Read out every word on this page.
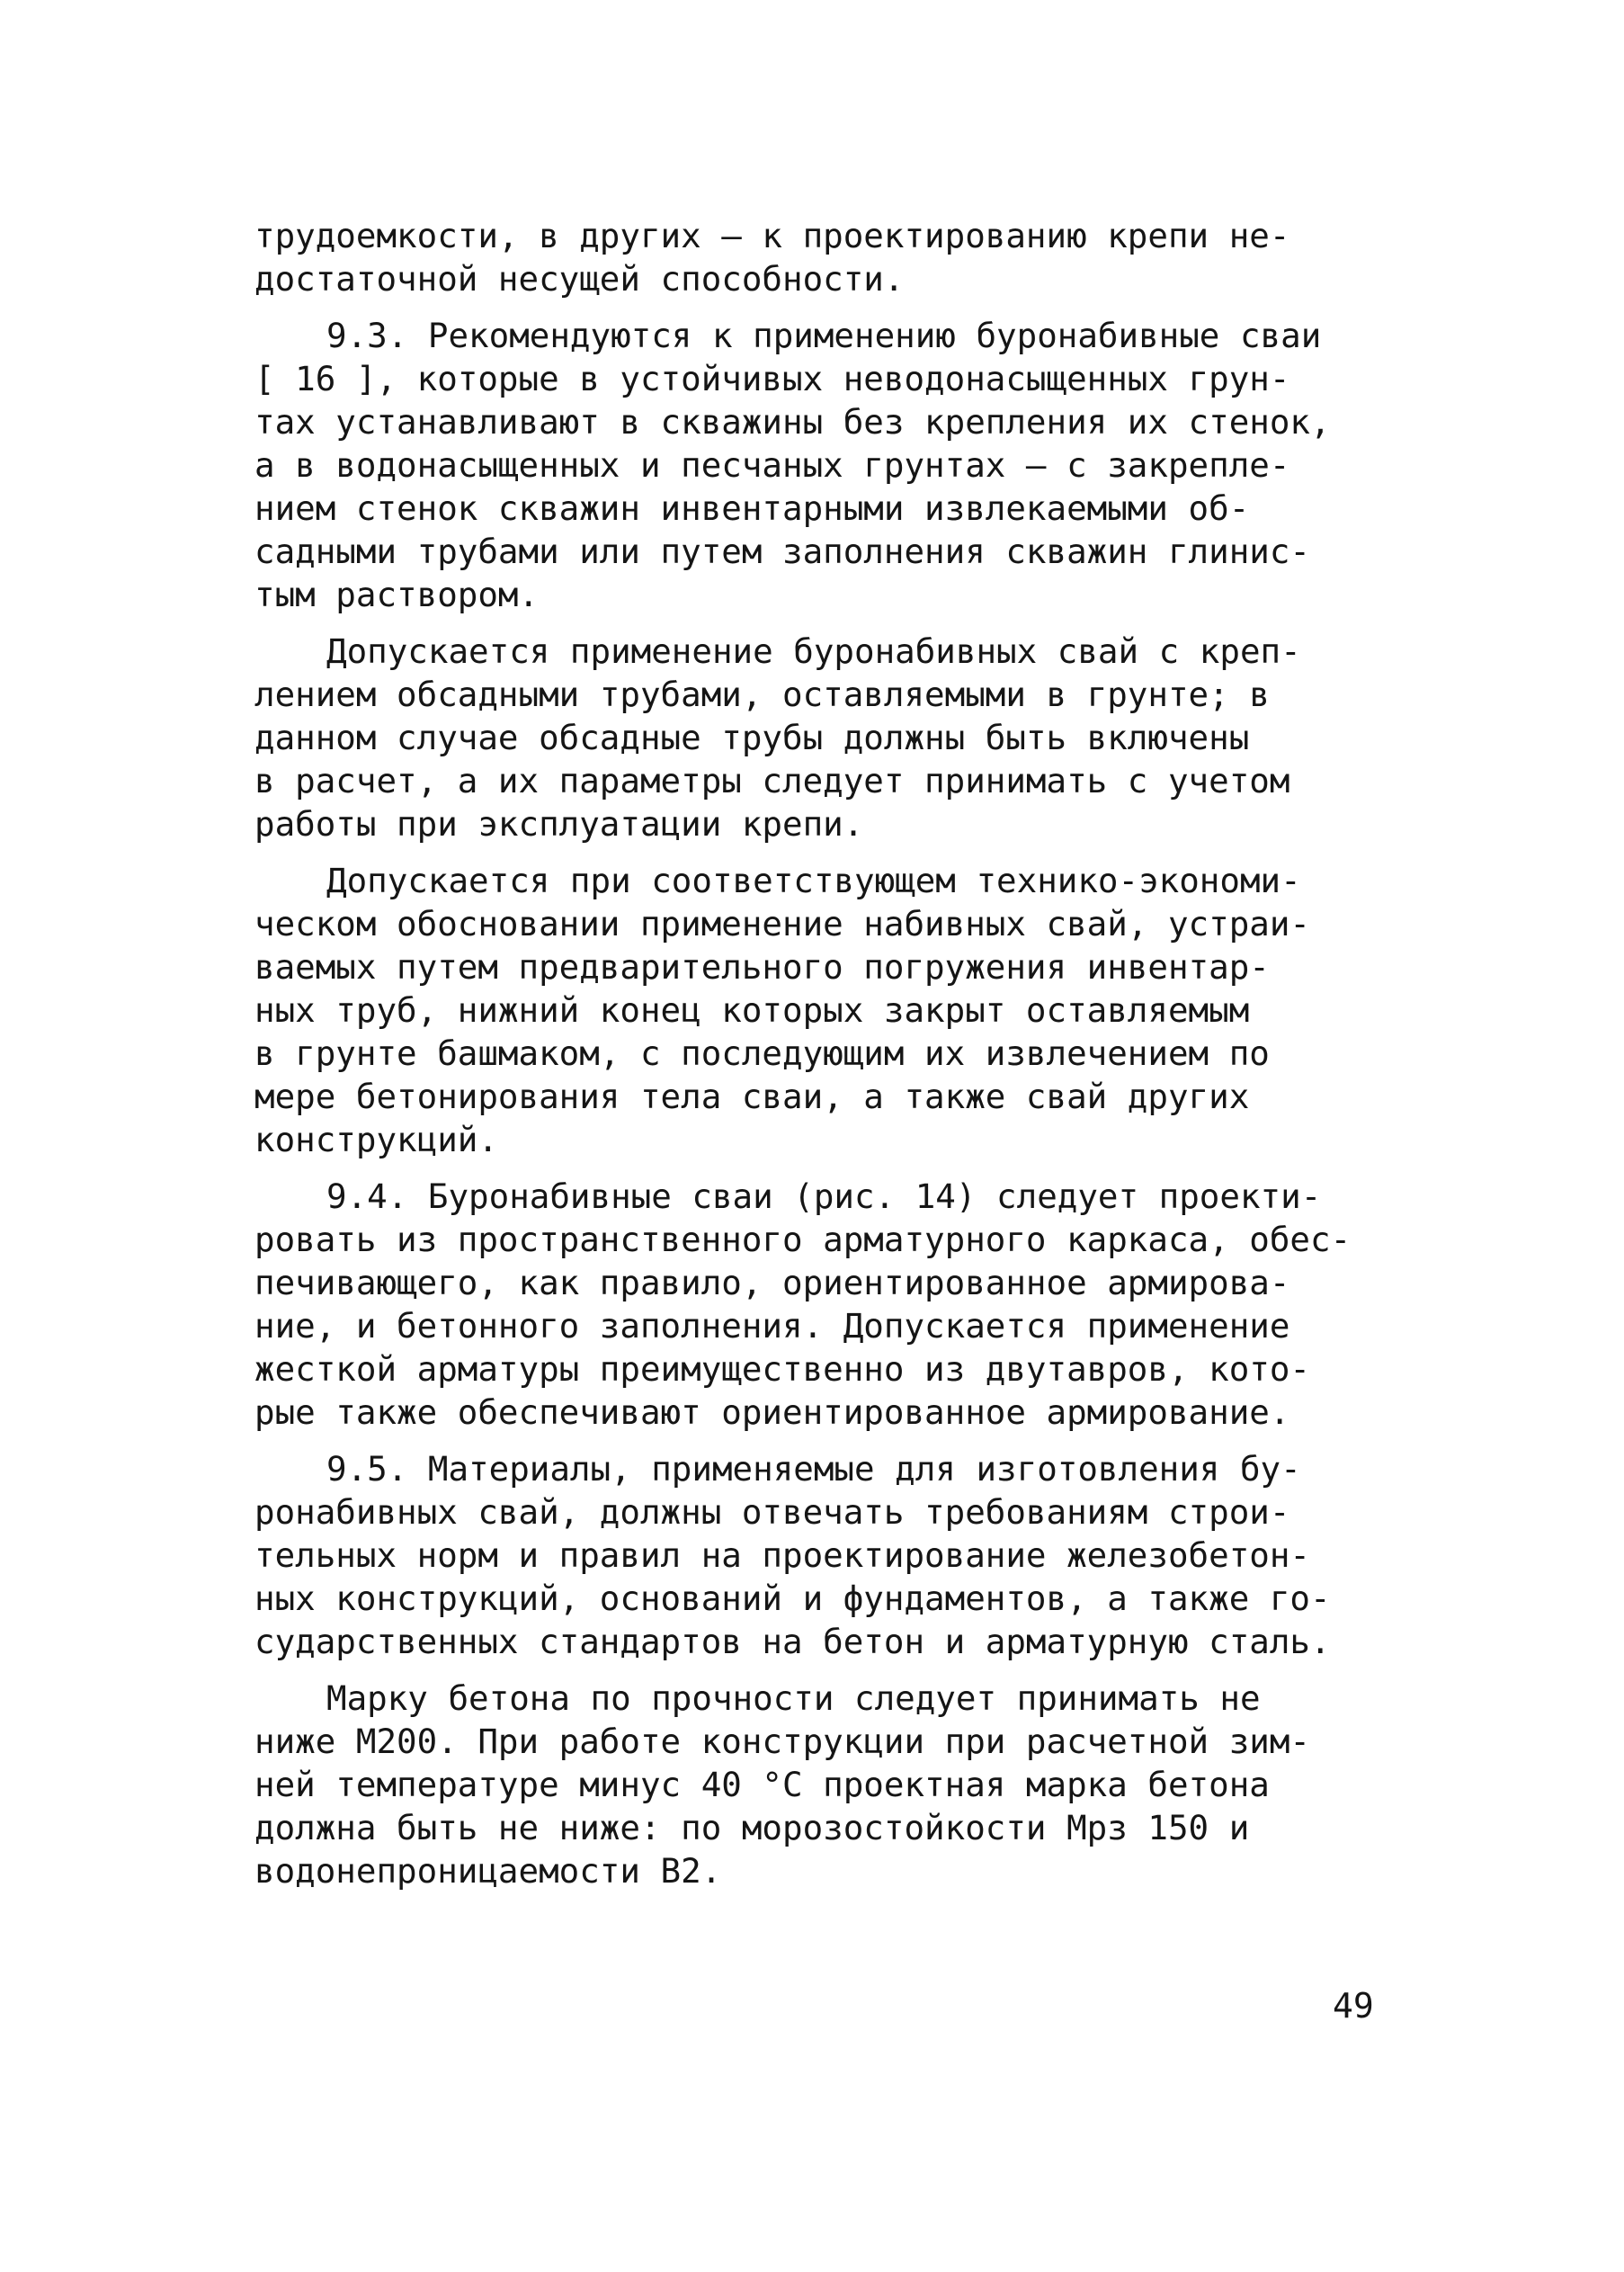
трудоемкости, в других – к проектированию крепи не-
достаточной несущей способности.
9.3. Рекомендуются к применению буронабивные сваи
[ 16 ], которые в устойчивых неводонасыщенных грун-
тах устанавливают в скважины без крепления их стенок,
а в водонасыщенных и песчаных грунтах – с закрепле-
нием стенок скважин инвентарными извлекаемыми об-
садными трубами или путем заполнения скважин глинис-
тым раствором.
Допускается применение буронабивных свай с креп-
лением обсадными трубами, оставляемыми в грунте; в
данном случае обсадные трубы должны быть включены
в расчет, а их параметры следует принимать с учетом
работы при эксплуатации крепи.
Допускается при соответствующем технико-экономи-
ческом обосновании применение набивных свай, устраи-
ваемых путем предварительного погружения инвентар-
ных труб, нижний конец которых закрыт оставляемым
в грунте башмаком, с последующим их извлечением по
мере бетонирования тела сваи, а также свай других
конструкций.
9.4. Буронабивные сваи (рис. 14) следует проекти-
ровать из пространственного арматурного каркаса, обес-
печивающего, как правило, ориентированное армирова-
ние, и бетонного заполнения. Допускается применение
жесткой арматуры преимущественно из двутавров, кото-
рые также обеспечивают ориентированное армирование.
9.5. Материалы, применяемые для изготовления бу-
ронабивных свай, должны отвечать требованиям строи-
тельных норм и правил на проектирование железобетон-
ных конструкций, оснований и фундаментов, а также го-
сударственных стандартов на бетон и арматурную сталь.
Марку бетона по прочности следует принимать не
ниже М200. При работе конструкции при расчетной зим-
ней температуре минус 40 °С проектная марка бетона
должна быть не ниже: по морозостойкости Мрз 150 и
водонепроницаемости В2.
49
